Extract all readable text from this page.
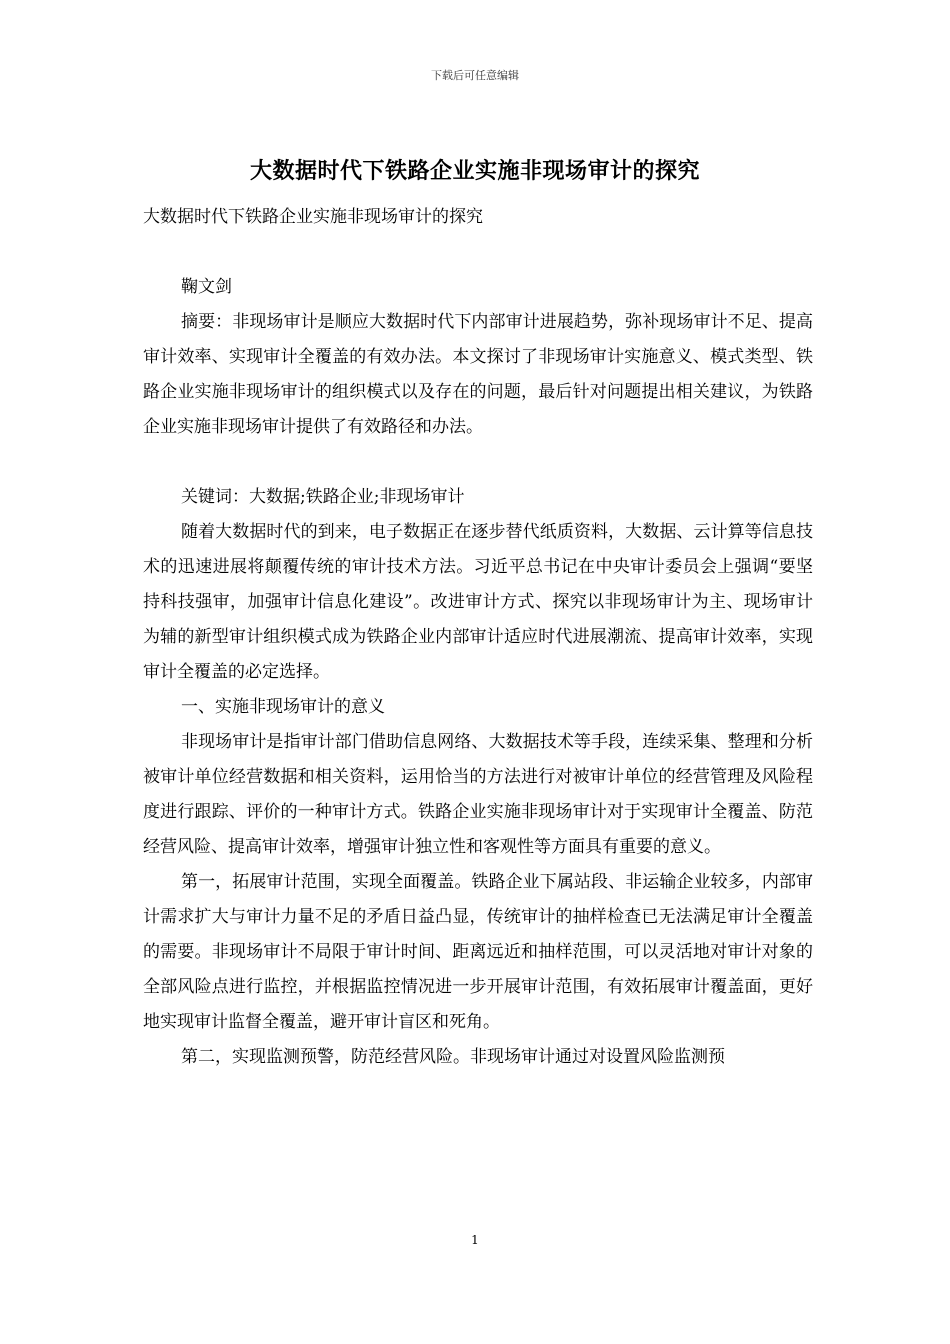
下载后可任意编辑
大数据时代下铁路企业实施非现场审计的探究

大数据时代下铁路企业实施非现场审计的探究

鞠文剑

摘要：非现场审计是顺应大数据时代下内部审计进展趋势，弥补现场审计不足、提高审计效率、实现审计全覆盖的有效办法。本文探讨了非现场审计实施意义、模式类型、铁路企业实施非现场审计的组织模式以及存在的问题，最后针对问题提出相关建议，为铁路企业实施非现场审计提供了有效路径和办法。

关键词：大数据;铁路企业;非现场审计

随着大数据时代的到来，电子数据正在逐步替代纸质资料，大数据、云计算等信息技术的迅速进展将颠覆传统的审计技术方法。习近平总书记在中央审计委员会上强调“要坚持科技强审，加强审计信息化建设”。改进审计方式、探究以非现场审计为主、现场审计为辅的新型审计组织模式成为铁路企业内部审计适应时代进展潮流、提高审计效率，实现审计全覆盖的必定选择。

一、实施非现场审计的意义

非现场审计是指审计部门借助信息网络、大数据技术等手段，连续采集、整理和分析被审计单位经营数据和相关资料，运用恰当的方法进行对被审计单位的经营管理及风险程度进行跟踪、评价的一种审计方式。铁路企业实施非现场审计对于实现审计全覆盖、防范经营风险、提高审计效率，增强审计独立性和客观性等方面具有重要的意义。

第一，拓展审计范围，实现全面覆盖。铁路企业下属站段、非运输企业较多，内部审计需求扩大与审计力量不足的矛盾日益凸显，传统审计的抽样检查已无法满足审计全覆盖的需要。非现场审计不局限于审计时间、距离远近和抽样范围，可以灵活地对审计对象的全部风险点进行监控，并根据监控情况进一步开展审计范围，有效拓展审计覆盖面，更好地实现审计监督全覆盖，避开审计盲区和死角。

第二，实现监测预警，防范经营风险。非现场审计通过对设置风险监测预

1
